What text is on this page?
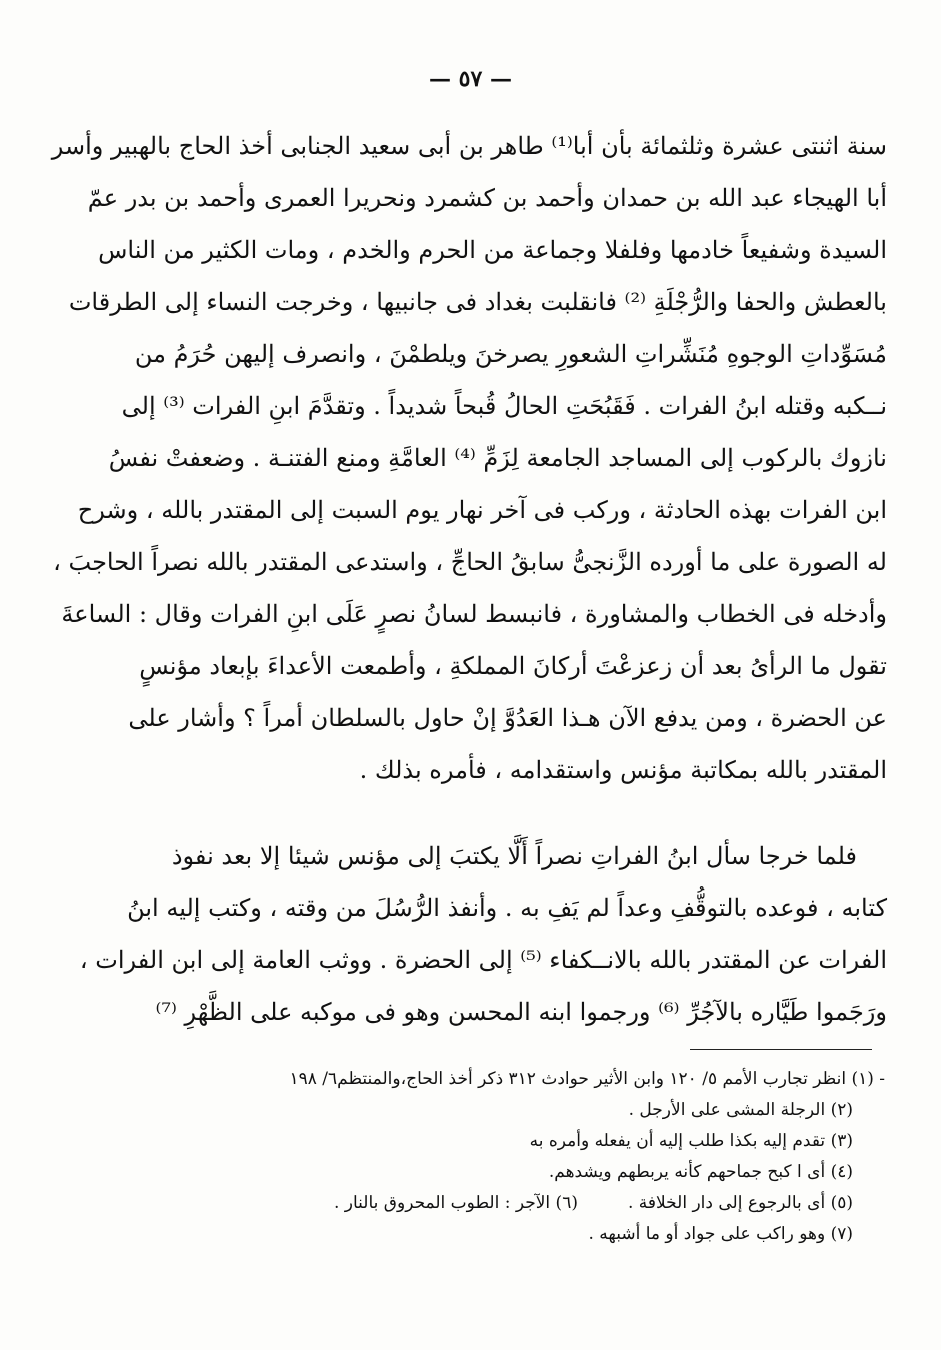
— ٥٧ —
سنة اثنتى عشرة وثلثمائة بأن أبا⁽¹⁾ طاهر بن أبى سعيد الجنابى أخذ الحاج بالهبير وأسر
أبا الهيجاء عبد الله بن حمدان وأحمد بن كشمرد ونحريرا العمرى وأحمد بن بدر عمّ
السيدة وشفيعاً خادمها وفلفلا وجماعة من الحرم والخدم ، ومات الكثير من الناس
بالعطش والحفا والرُّجْلَةِ ⁽²⁾ فانقلبت بغداد فى جانبيها ، وخرجت النساء إلى الطرقات
مُسَوِّداتِ الوجوهِ مُنَشِّراتِ الشعورِ يصرخنَ ويلطمْنَ ، وانصرف إليهن حُرَمُ من
نــكبه وقتله ابنُ الفرات . فَقَبُحَتِ الحالُ قُبحاً شديداً . وتقدَّمَ ابنِ الفرات ⁽³⁾ إلى
نازوك بالركوب إلى المساجد الجامعة لِزَمِّ ⁽⁴⁾ العامَّةِ ومنع الفتنـة . وضعفتْ نفسُ
ابن الفرات بهذه الحادثة ، وركب فى آخر نهار يوم السبت إلى المقتدر بالله ، وشرح
له الصورة على ما أورده الزَّنجىُّ سابقُ الحاجِّ ، واستدعى المقتدر بالله نصراً الحاجبَ ،
وأدخله فى الخطاب والمشاورة ، فانبسط لسانُ نصرٍ عَلَى ابنِ الفرات وقال : الساعةَ
تقول ما الرأىُ بعد أن زعزعْتَ أركانَ المملكةِ ، وأطمعت الأعداءَ بإبعاد مؤنسٍ
عن الحضرة ، ومن يدفع الآن هـذا العَدُوَّ إنْ حاول بالسلطان أمراً ؟ وأشار على
المقتدر بالله بمكاتبة مؤنس واستقدامه ، فأمره بذلك .
فلما خرجا سأل ابنُ الفراتِ نصراً أَلَّا يكتبَ إلى مؤنس شيئا إلا بعد نفوذ
كتابه ، فوعده بالتوقُّفِ وعداً لم يَفِ به . وأنفذ الرُّسُلَ من وقته ، وكتب إليه ابنُ
الفرات عن المقتدر بالله بالانــكفاء ⁽⁵⁾ إلى الحضرة . ووثب العامة إلى ابن الفرات ،
ورَجَموا طَيَّاره بالآجُرِّ ⁽⁶⁾ ورجموا ابنه المحسن وهو فى موكبه على الظَّهْرِ ⁽⁷⁾
- (١) انظر تجارب الأمم ٥/ ١٢٠ وابن الأثير حوادث ٣١٢ ذكر أخذ الحاج،والمنتظم٦/ ١٩٨
(٢) الرجلة المشى على الأرجل .
(٣) تقدم إليه بكذا طلب إليه أن يفعله وأمره به
(٤) أى ا كبح جماحهم كأنه يربطهم ويشدهم.
(٥) أى بالرجوع إلى دار الخلافة .
(٦) الآجر : الطوب المحروق بالنار .
(٧) وهو راكب على جواد أو ما أشبهه .
